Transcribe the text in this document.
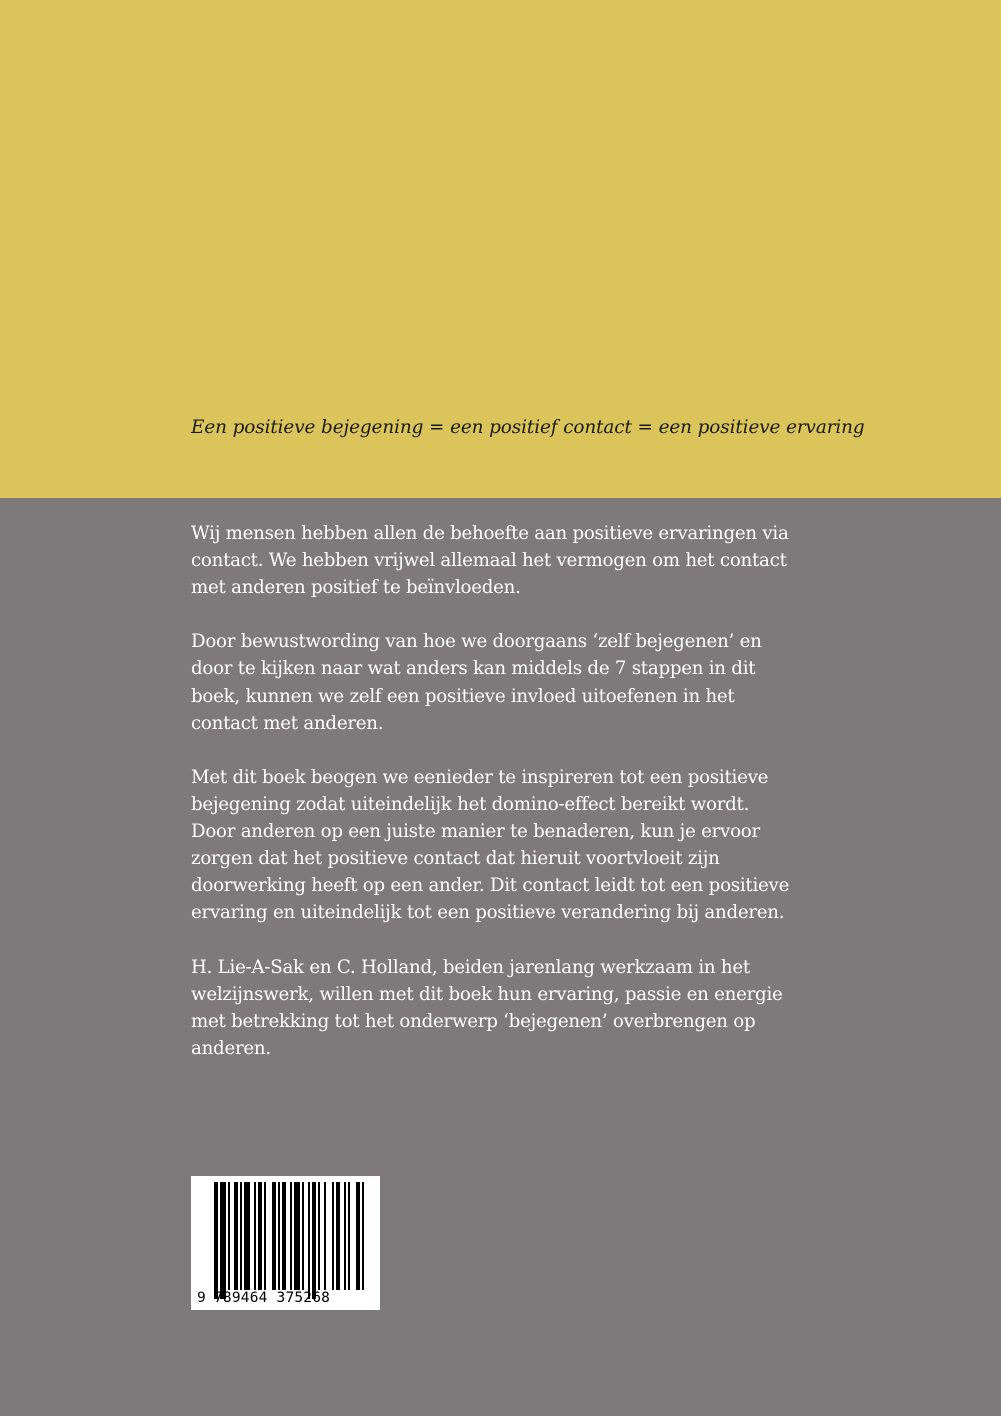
Een positieve bejegening = een positief contact = een positieve ervaring

Wij mensen hebben allen de behoefte aan positieve ervaringen via
contact. We hebben vrijwel allemaal het vermogen om het contact
met anderen positief te beïnvloeden.

Door bewustwording van hoe we doorgaans ‘zelf bejegenen’ en
door te kijken naar wat anders kan middels de 7 stappen in dit
boek, kunnen we zelf een positieve invloed uitoefenen in het
contact met anderen.

Met dit boek beogen we eenieder te inspireren tot een positieve
bejegening zodat uiteindelijk het domino-effect bereikt wordt.
Door anderen op een juiste manier te benaderen, kun je ervoor
zorgen dat het positieve contact dat hieruit voortvloeit zijn
doorwerking heeft op een ander. Dit contact leidt tot een positieve
ervaring en uiteindelijk tot een positieve verandering bij anderen.

H. Lie-A-Sak en C. Holland, beiden jarenlang werkzaam in het
welzijnswerk, willen met dit boek hun ervaring, passie en energie
met betrekking tot het onderwerp ‘bejegenen’ overbrengen op
anderen.

9

789464 375268
